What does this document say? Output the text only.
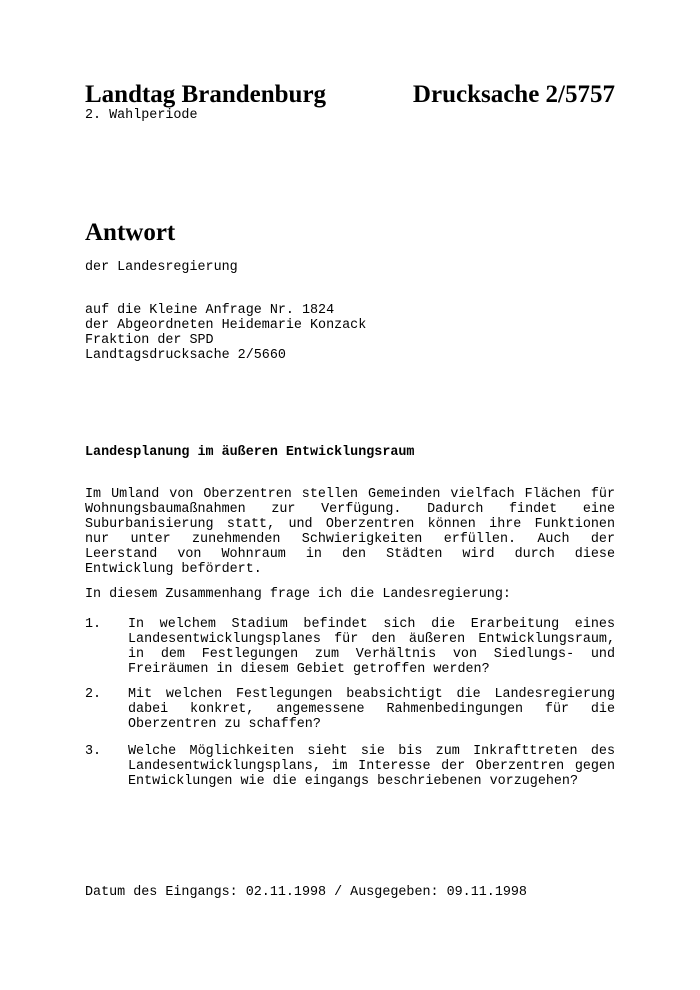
Landtag Brandenburg	Drucksache 2/5757
2. Wahlperiode
Antwort
der Landesregierung
auf die Kleine Anfrage Nr. 1824
der Abgeordneten Heidemarie Konzack
Fraktion der SPD
Landtagsdrucksache 2/5660
Landesplanung im äußeren Entwicklungsraum
Im Umland von Oberzentren stellen Gemeinden vielfach Flächen für Wohnungsbaumaßnahmen zur Verfügung. Dadurch findet eine Suburbanisierung statt, und Oberzentren können ihre Funktionen nur unter zunehmenden Schwierigkeiten erfüllen. Auch der Leerstand von Wohnraum in den Städten wird durch diese Entwicklung befördert.
In diesem Zusammenhang frage ich die Landesregierung:
1. In welchem Stadium befindet sich die Erarbeitung eines Landesentwicklungsplanes für den äußeren Entwicklungsraum, in dem Festlegungen zum Verhältnis von Siedlungs- und Freiräumen in diesem Gebiet getroffen werden?
2. Mit welchen Festlegungen beabsichtigt die Landesregierung dabei konkret, angemessene Rahmenbedingungen für die Oberzentren zu schaffen?
3. Welche Möglichkeiten sieht sie bis zum Inkrafttreten des Landesentwicklungsplans, im Interesse der Oberzentren gegen Entwicklungen wie die eingangs beschriebenen vorzugehen?
Datum des Eingangs: 02.11.1998 / Ausgegeben: 09.11.1998
